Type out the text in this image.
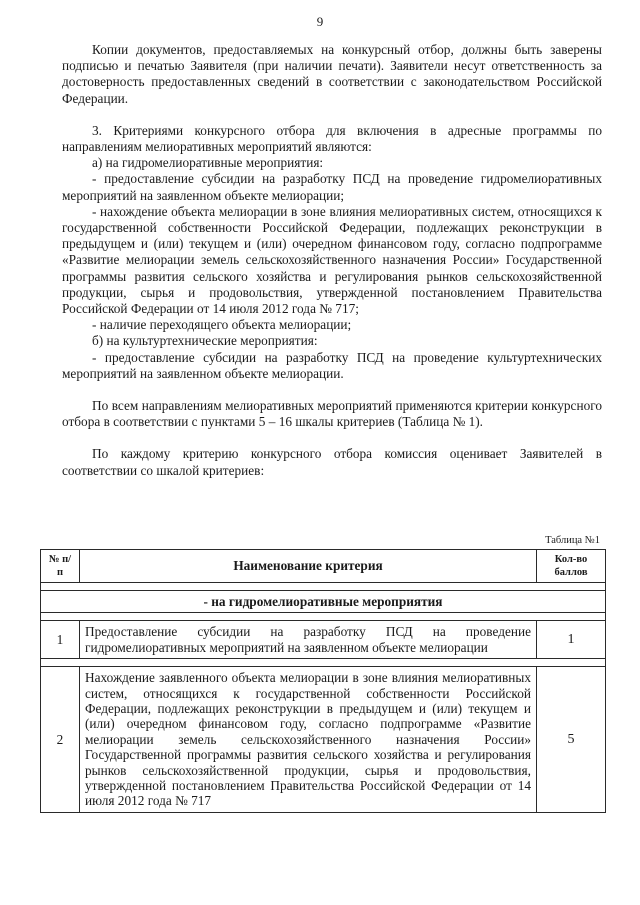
9

Копии документов, предоставляемых на конкурсный отбор, должны быть заверены подписью и печатью Заявителя (при наличии печати). Заявители несут ответственность за достоверность предоставленных сведений в соответствии с законодательством Российской Федерации.

3. Критериями конкурсного отбора для включения в адресные программы по направлениям мелиоративных мероприятий являются:

а) на гидромелиоративные мероприятия:

- предоставление субсидии на разработку ПСД на проведение гидромелиоративных мероприятий на заявленном объекте мелиорации;

- нахождение объекта мелиорации в зоне влияния мелиоративных систем, относящихся к государственной собственности Российской Федерации, подлежащих реконструкции в предыдущем и (или) текущем и (или) очередном финансовом году, согласно подпрограмме «Развитие мелиорации земель сельскохозяйственного назначения России» Государственной программы развития сельского хозяйства и регулирования рынков сельскохозяйственной продукции, сырья и продовольствия, утвержденной постановлением Правительства Российской Федерации от 14 июля 2012 года № 717;

- наличие переходящего объекта мелиорации;

б) на культуртехнические мероприятия:

- предоставление субсидии на разработку ПСД на проведение культуртехнических мероприятий на заявленном объекте мелиорации.

По всем направлениям мелиоративных мероприятий применяются критерии конкурсного отбора в соответствии с пунктами 5 – 16 шкалы критериев (Таблица № 1).

По каждому критерию конкурсного отбора комиссия оценивает Заявителей в соответствии со шкалой критериев:

Таблица №1
№ п/п	Наименование критерия	Кол-во баллов

- на гидромелиоративные мероприятия		

1	Предоставление субсидии на разработку ПСД на проведение гидромелиоративных мероприятий на заявленном объекте мелиорации	1

2	Нахождение заявленного объекта мелиорации в зоне влияния мелиоративных систем, относящихся к государственной собственности Российской Федерации, подлежащих реконструкции в предыдущем и (или) текущем и (или) очередном финансовом году, согласно подпрограмме «Развитие мелиорации земель сельскохозяйственного назначения России» Государственной программы развития сельского хозяйства и регулирования рынков сельскохозяйственной продукции, сырья и продовольствия, утвержденной постановлением Правительства Российской Федерации от 14 июля 2012 года № 717	5
